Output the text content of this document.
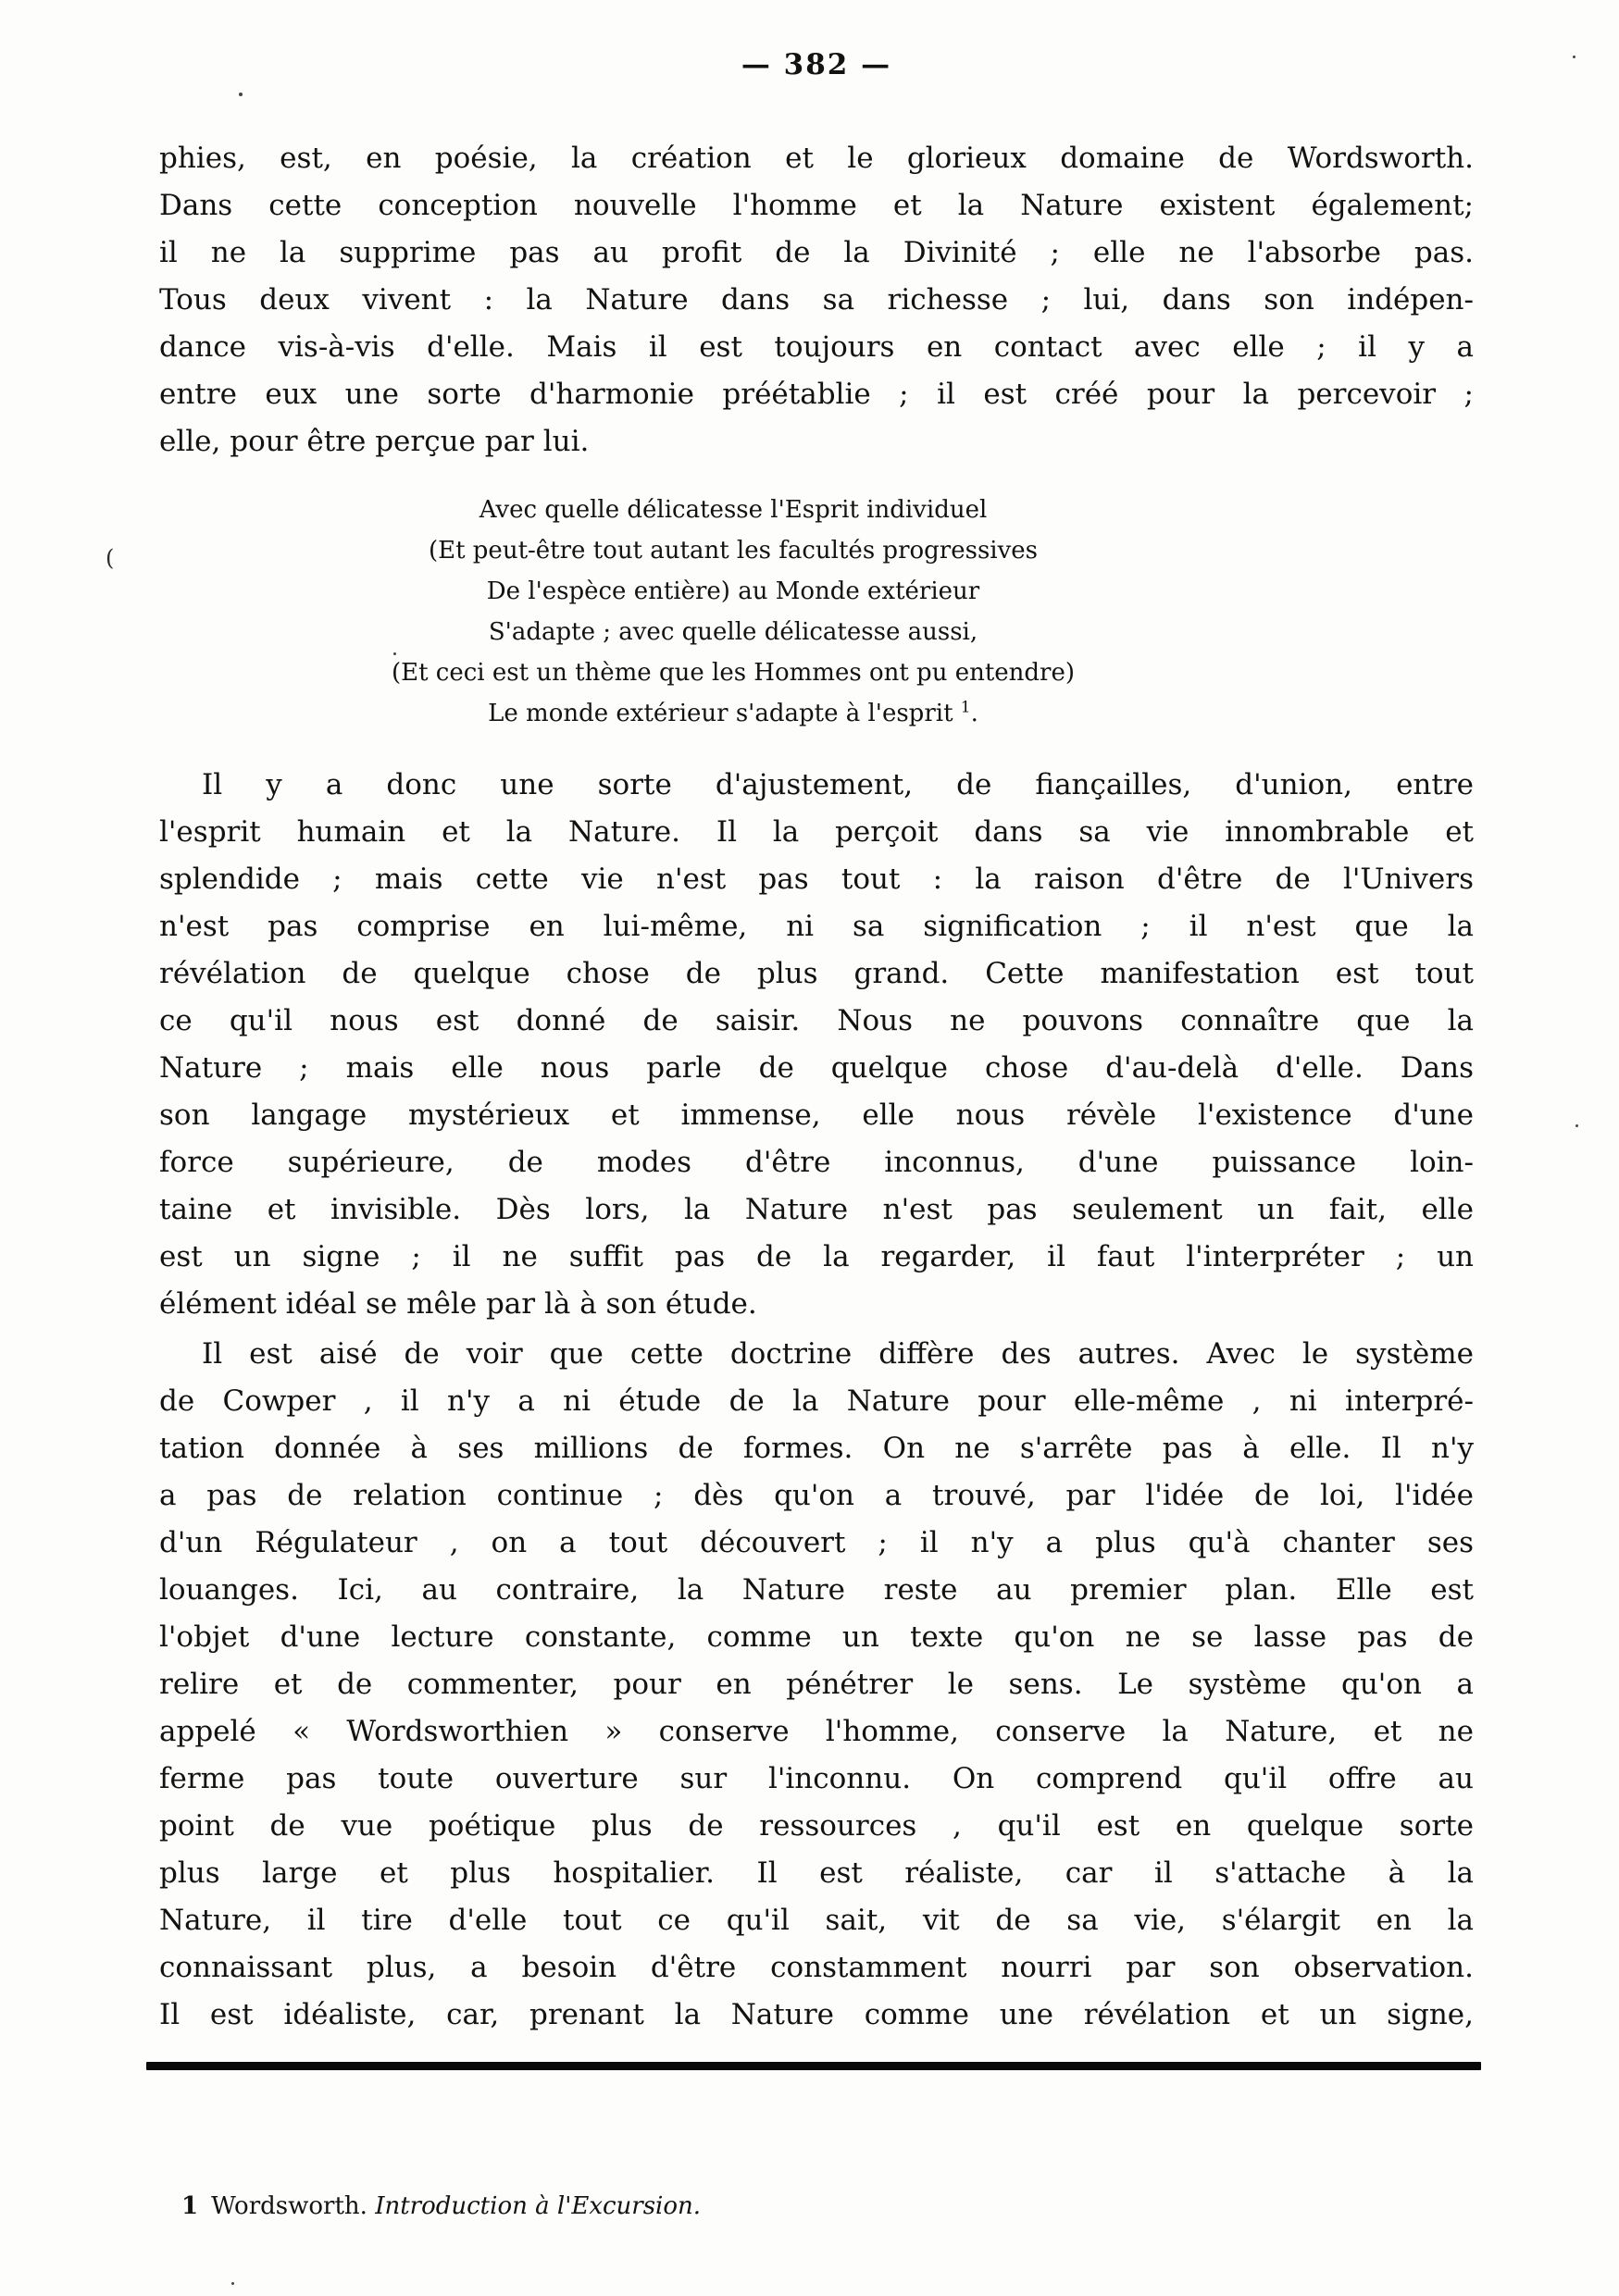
— 382 —
phies, est, en poésie, la création et le glorieux domaine de Wordsworth.
Dans cette conception nouvelle l'homme et la Nature existent également;
il ne la supprime pas au profit de la Divinité ; elle ne l'absorbe pas.
Tous deux vivent : la Nature dans sa richesse ; lui, dans son indépen-
dance vis-à-vis d'elle. Mais il est toujours en contact avec elle ; il y a
entre eux une sorte d'harmonie préétablie ; il est créé pour la percevoir ;
elle, pour être perçue par lui.
(
Avec quelle délicatesse l'Esprit individuel
(Et peut-être tout autant les facultés progressives
De l'espèce entière) au Monde extérieur
S'adapte ; avec quelle délicatesse aussi,
(Et ceci est un thème que les Hommes ont pu entendre)
Le monde extérieur s'adapte à l'esprit $^1$.
Il y a donc une sorte d'ajustement, de fiançailles, d'union, entre
l'esprit humain et la Nature. Il la perçoit dans sa vie innombrable et
splendide ; mais cette vie n'est pas tout : la raison d'être de l'Univers
n'est pas comprise en lui-même, ni sa signification ; il n'est que la
révélation de quelque chose de plus grand. Cette manifestation est tout
ce qu'il nous est donné de saisir. Nous ne pouvons connaître que la
Nature ; mais elle nous parle de quelque chose d'au-delà d'elle. Dans
son langage mystérieux et immense, elle nous révèle l'existence d'une
force supérieure, de modes d'être inconnus, d'une puissance loin-
taine et invisible. Dès lors, la Nature n'est pas seulement un fait, elle
est un signe ; il ne suffit pas de la regarder, il faut l'interpréter ; un
élément idéal se mêle par là à son étude.
Il est aisé de voir que cette doctrine diffère des autres. Avec le système
de Cowper , il n'y a ni étude de la Nature pour elle-même , ni interpré-
tation donnée à ses millions de formes. On ne s'arrête pas à elle. Il n'y
a pas de relation continue ; dès qu'on a trouvé, par l'idée de loi, l'idée
d'un Régulateur , on a tout découvert ; il n'y a plus qu'à chanter ses
louanges. Ici, au contraire, la Nature reste au premier plan. Elle est
l'objet d'une lecture constante, comme un texte qu'on ne se lasse pas de
relire et de commenter, pour en pénétrer le sens. Le système qu'on a
appelé « Wordsworthien » conserve l'homme, conserve la Nature, et ne
ferme pas toute ouverture sur l'inconnu. On comprend qu'il offre au
point de vue poétique plus de ressources , qu'il est en quelque sorte
plus large et plus hospitalier. Il est réaliste, car il s'attache à la
Nature, il tire d'elle tout ce qu'il sait, vit de sa vie, s'élargit en la
connaissant plus, a besoin d'être constamment nourri par son observation.
Il est idéaliste, car, prenant la Nature comme une révélation et un signe,
1 Wordsworth. Introduction à l'Excursion.
